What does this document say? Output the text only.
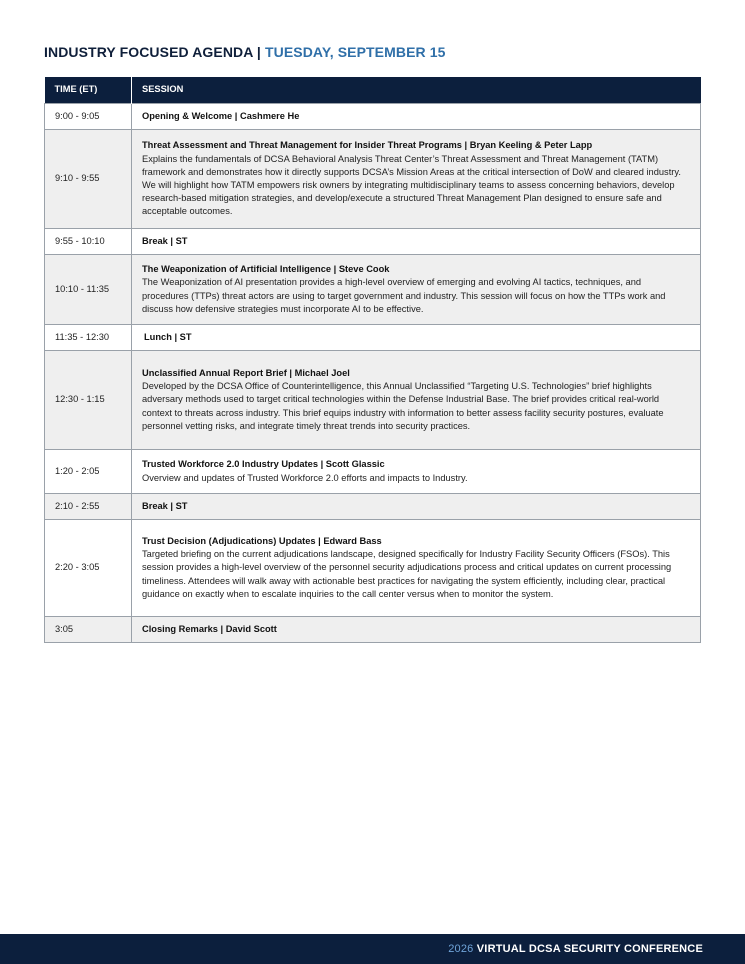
INDUSTRY FOCUSED AGENDA | TUESDAY, SEPTEMBER 15
TIME (ET)	SESSION
9:00 - 9:05	Opening & Welcome | Cashmere He

9:10 - 9:55	Threat Assessment and Threat Management for Insider Threat Programs | Bryan Keeling & Peter Lapp
Explains the fundamentals of DCSA Behavioral Analysis Threat Center’s Threat Assessment and Threat Management (TATM) framework and demonstrates how it directly supports DCSA’s Mission Areas at the critical intersection of DoW and cleared industry. We will highlight how TATM empowers risk owners by integrating multidisciplinary teams to assess concerning behaviors, develop research-based mitigation strategies, and develop/execute a structured Threat Management Plan designed to ensure safe and acceptable outcomes.

9:55 - 10:10	Break | ST

10:10 - 11:35	The Weaponization of Artificial Intelligence | Steve Cook
The Weaponization of AI presentation provides a high-level overview of emerging and evolving AI tactics, techniques, and procedures (TTPs) threat actors are using to target government and industry. This session will focus on how the TTPs work and discuss how defensive strategies must incorporate AI to be effective.

11:35 - 12:30	Lunch | ST

12:30 - 1:15	Unclassified Annual Report Brief | Michael Joel
Developed by the DCSA Office of Counterintelligence, this Annual Unclassified “Targeting U.S. Technologies” brief highlights adversary methods used to target critical technologies within the Defense Industrial Base. The brief provides critical real-world context to threats across industry. This brief equips industry with information to better assess facility security postures, evaluate personnel vetting risks, and integrate timely threat trends into security practices.

1:20 - 2:05	Trusted Workforce 2.0 Industry Updates | Scott Glassic
Overview and updates of Trusted Workforce 2.0 efforts and impacts to Industry.

2:10 - 2:55	Break | ST

2:20 - 3:05	Trust Decision (Adjudications) Updates | Edward Bass
Targeted briefing on the current adjudications landscape, designed specifically for Industry Facility Security Officers (FSOs). This session provides a high-level overview of the personnel security adjudications process and critical updates on current processing timeliness. Attendees will walk away with actionable best practices for navigating the system efficiently, including clear, practical guidance on exactly when to escalate inquiries to the call center versus when to monitor the system.

3:05	Closing Remarks | David Scott
2026 VIRTUAL DCSA SECURITY CONFERENCE
